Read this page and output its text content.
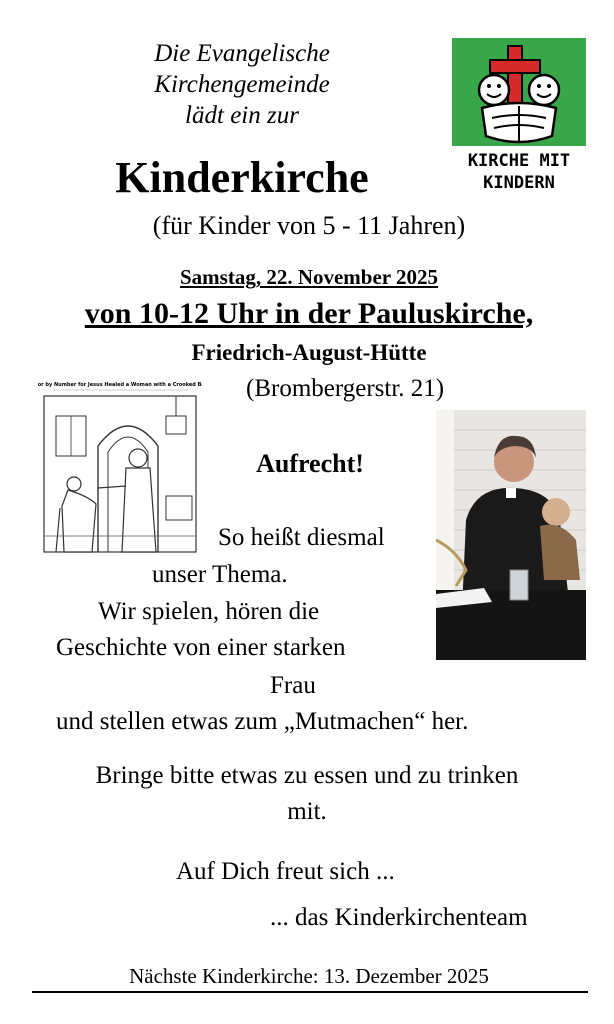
Die Evangelische
Kirchengemeinde
lädt ein zur
Kinderkirche	KIRCHE MIT
KINDERN
(für Kinder von 5 - 11 Jahren)
Samstag, 22. November 2025
von 10-12 Uhr in der Pauluskirche,
Friedrich-August-Hütte
(Brombergerstr. 21)
Color by Number for Jesus Healed a Woman with a Crooked Back
Aufrecht!
So heißt diesmal
unser Thema.
Wir spielen, hören die
Geschichte von einer starken
Frau
und stellen etwas zum „Mutmachen“ her.
Bringe bitte etwas zu essen und zu trinken
mit.
Auf Dich freut sich ...
... das Kinderkirchenteam
Nächste Kinderkirche: 13. Dezember 2025
